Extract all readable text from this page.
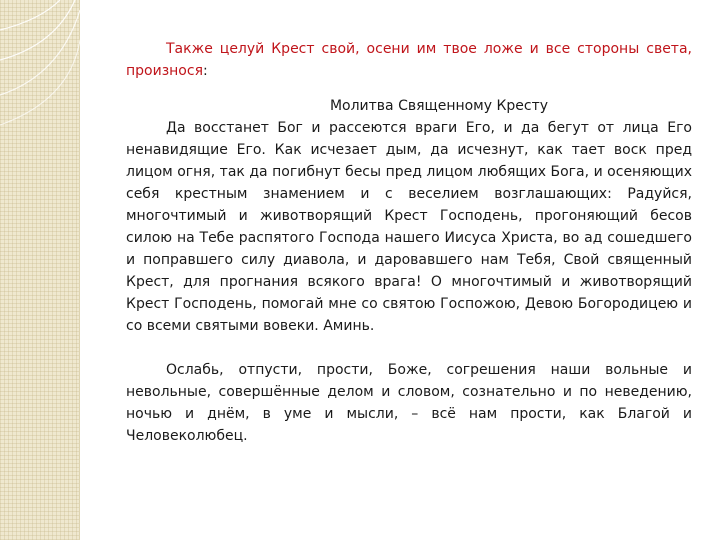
Также целуй Крест свой, осени им твое ложе и все стороны света, произнося:

Молитва Священному Кресту

Да восстанет Бог и рассеются враги Его, и да бегут от лица Его ненавидящие Его. Как исчезает дым, да исчезнут, как тает воск пред лицом огня, так да погибнут бесы пред лицом любящих Бога, и осеняющих себя крестным знамением и с веселием возглашающих: Радуйся, многочтимый и животворящий Крест Господень, прогоняющий бесов силою на Тебе распятого Господа нашего Иисуса Христа, во ад сошедшего и поправшего силу диавола, и даровавшего нам Тебя, Свой священный Крест, для прогнания всякого врага! О многочтимый и животворящий Крест Господень, помогай мне со святою Госпожою, Девою Богородицею и со всеми святыми вовеки. Аминь.

Ослабь, отпусти, прости, Боже, согрешения наши вольные и невольные, совершённые делом и словом, сознательно и по неведению, ночью и днём, в уме и мысли, – всё нам прости, как Благой и Человеколюбец.
